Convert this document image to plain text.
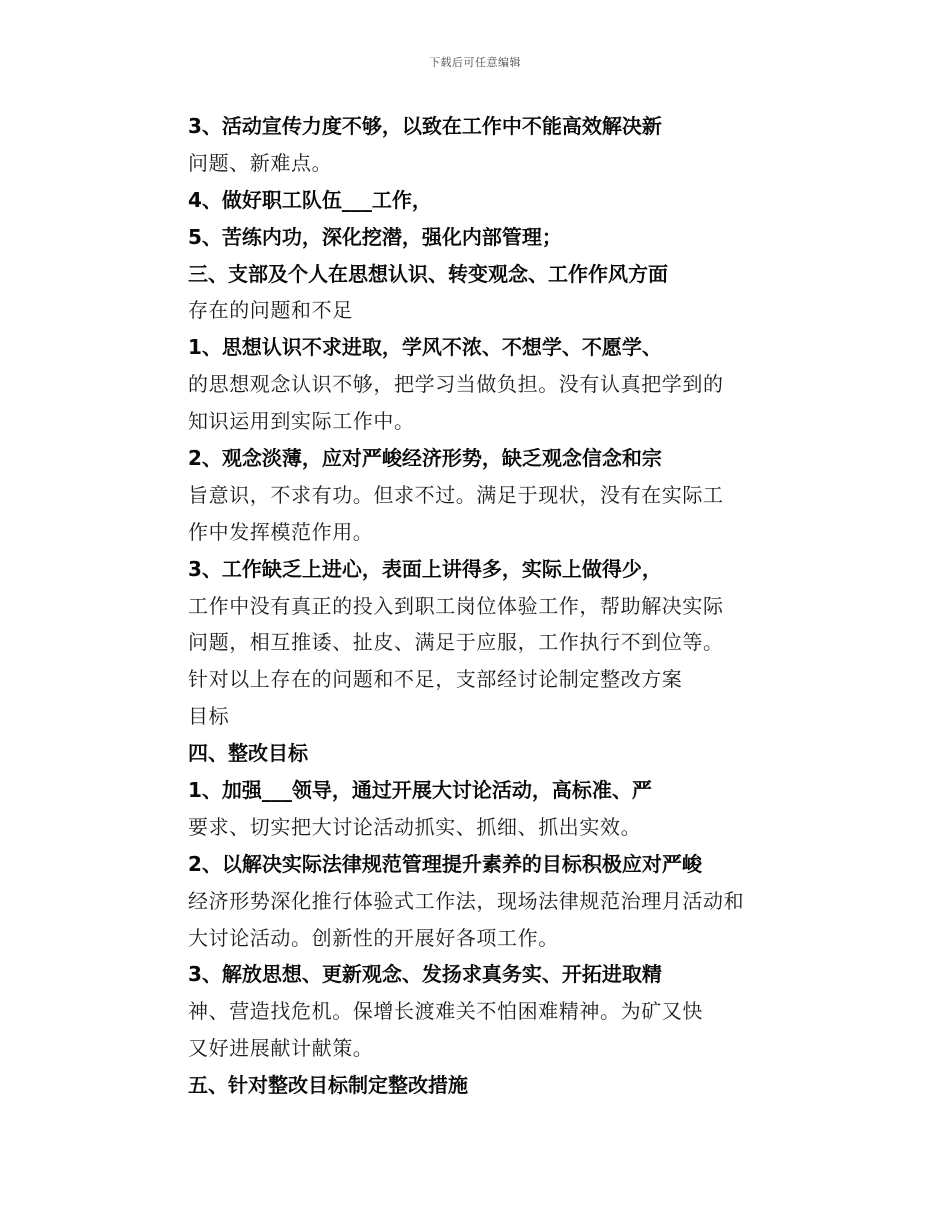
下载后可任意编辑
3、活动宣传力度不够，以致在工作中不能高效解决新
问题、新难点。
4、做好职工队伍___工作，
5、苦练内功，深化挖潜，强化内部管理；
三、支部及个人在思想认识、转变观念、工作作风方面
存在的问题和不足
1、思想认识不求进取，学风不浓、不想学、不愿学、
的思想观念认识不够，把学习当做负担。没有认真把学到的
知识运用到实际工作中。
2、观念淡薄，应对严峻经济形势，缺乏观念信念和宗
旨意识，不求有功。但求不过。满足于现状，没有在实际工
作中发挥模范作用。
3、工作缺乏上进心，表面上讲得多，实际上做得少，
工作中没有真正的投入到职工岗位体验工作，帮助解决实际
问题，相互推诿、扯皮、满足于应服，工作执行不到位等。
针对以上存在的问题和不足，支部经讨论制定整改方案
目标
四、整改目标
1、加强___领导，通过开展大讨论活动，高标准、严
要求、切实把大讨论活动抓实、抓细、抓出实效。
2、以解决实际法律规范管理提升素养的目标积极应对严峻
经济形势深化推行体验式工作法，现场法律规范治理月活动和
大讨论活动。创新性的开展好各项工作。
3、解放思想、更新观念、发扬求真务实、开拓进取精
神、营造找危机。保增长渡难关不怕困难精神。为矿又快
又好进展献计献策。
五、针对整改目标制定整改措施
